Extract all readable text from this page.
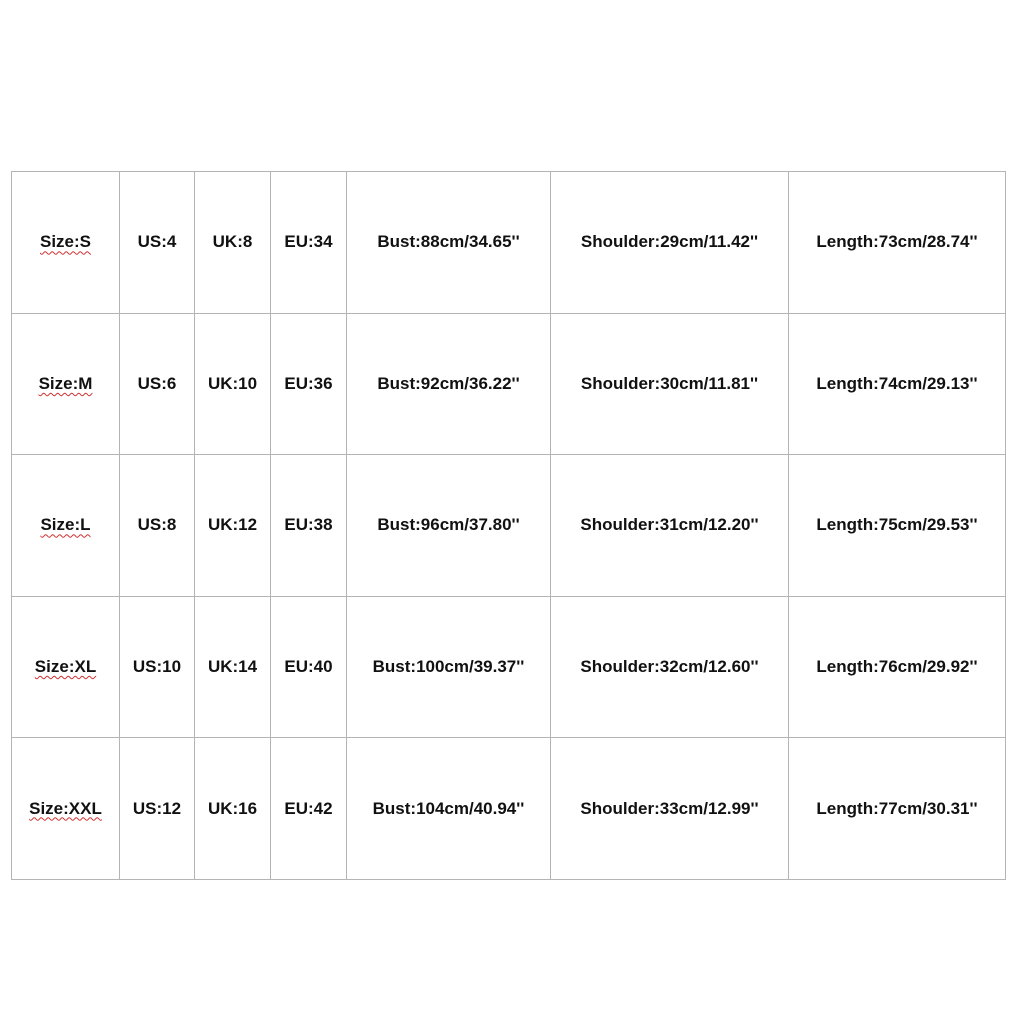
Size:S	US:4	UK:8	EU:34	Bust:88cm/34.65''	Shoulder:29cm/11.42''	Length:73cm/28.74''
Size:M	US:6	UK:10	EU:36	Bust:92cm/36.22''	Shoulder:30cm/11.81''	Length:74cm/29.13''
Size:L	US:8	UK:12	EU:38	Bust:96cm/37.80''	Shoulder:31cm/12.20''	Length:75cm/29.53''
Size:XL	US:10	UK:14	EU:40	Bust:100cm/39.37''	Shoulder:32cm/12.60''	Length:76cm/29.92''
Size:XXL	US:12	UK:16	EU:42	Bust:104cm/40.94''	Shoulder:33cm/12.99''	Length:77cm/30.31''
